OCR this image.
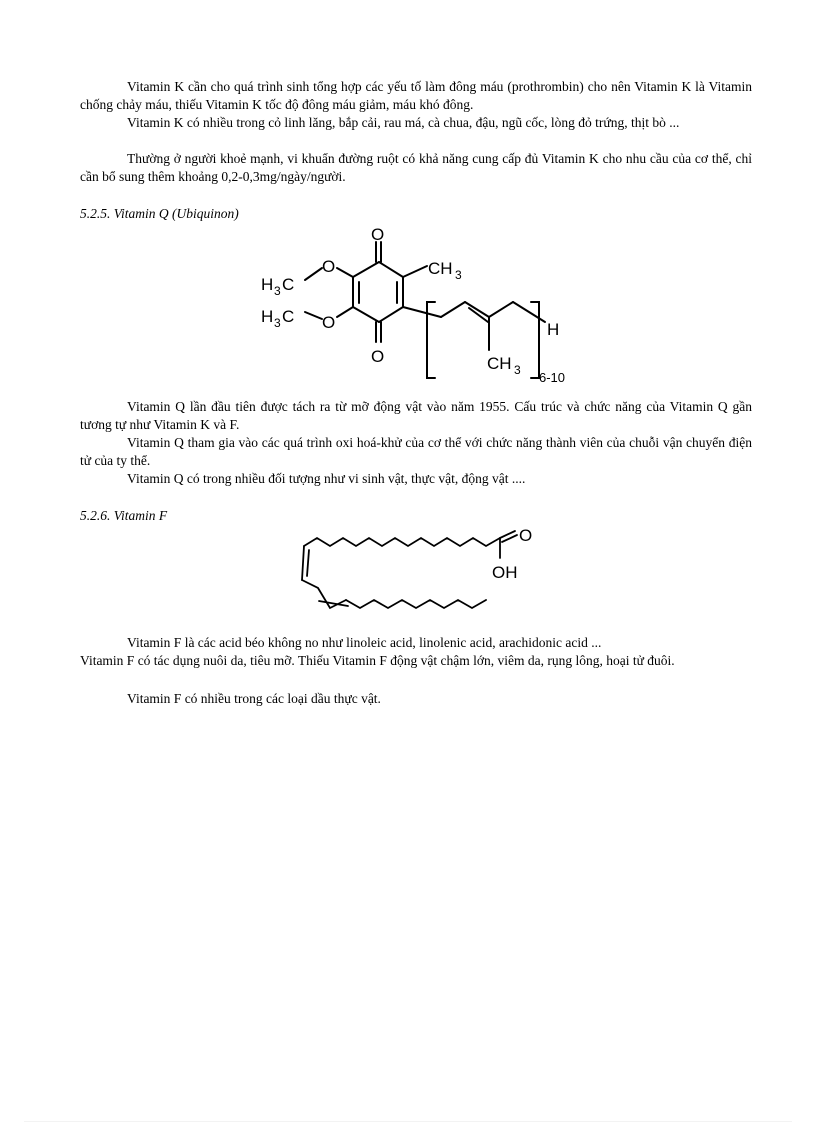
Vitamin K cần cho quá trình sinh tổng hợp các yếu tố làm đông máu (prothrombin) cho nên Vitamin K là Vitamin chống chảy máu, thiếu Vitamin K tốc độ đông máu giảm, máu khó đông.
Vitamin K có nhiều trong cỏ linh lăng, bắp cải, rau má, cà chua, đậu, ngũ cốc, lòng đỏ trứng, thịt bò ...
Thường ở người khoẻ mạnh, vi khuẩn đường ruột có khả năng cung cấp đủ Vitamin K cho nhu cầu của cơ thể, chỉ cần bổ sung thêm khoảng 0,2-0,3mg/ngày/người.
5.2.5. Vitamin Q (Ubiquinon)
O
O
O
O
H 3 C
H 3 C
CH 3
CH 3
H
6-10
Vitamin Q lần đầu tiên được tách ra từ mỡ động vật vào năm 1955. Cấu trúc và chức năng của Vitamin Q gần tương tự như Vitamin K và F.
Vitamin Q tham gia vào các quá trình oxi hoá-khử của cơ thể với chức năng thành viên của chuỗi vận chuyển điện tử của ty thể.
Vitamin Q có trong nhiều đối tượng như vi sinh vật, thực vật, động vật ....
5.2.6. Vitamin F
O
OH
Vitamin F là các acid béo không no như linoleic acid, linolenic acid, arachidonic acid ...
Vitamin F có tác dụng nuôi da, tiêu mỡ. Thiếu Vitamin F động vật chậm lớn, viêm da, rụng lông, hoại tử đuôi.
Vitamin F có nhiều trong các loại dầu thực vật.
